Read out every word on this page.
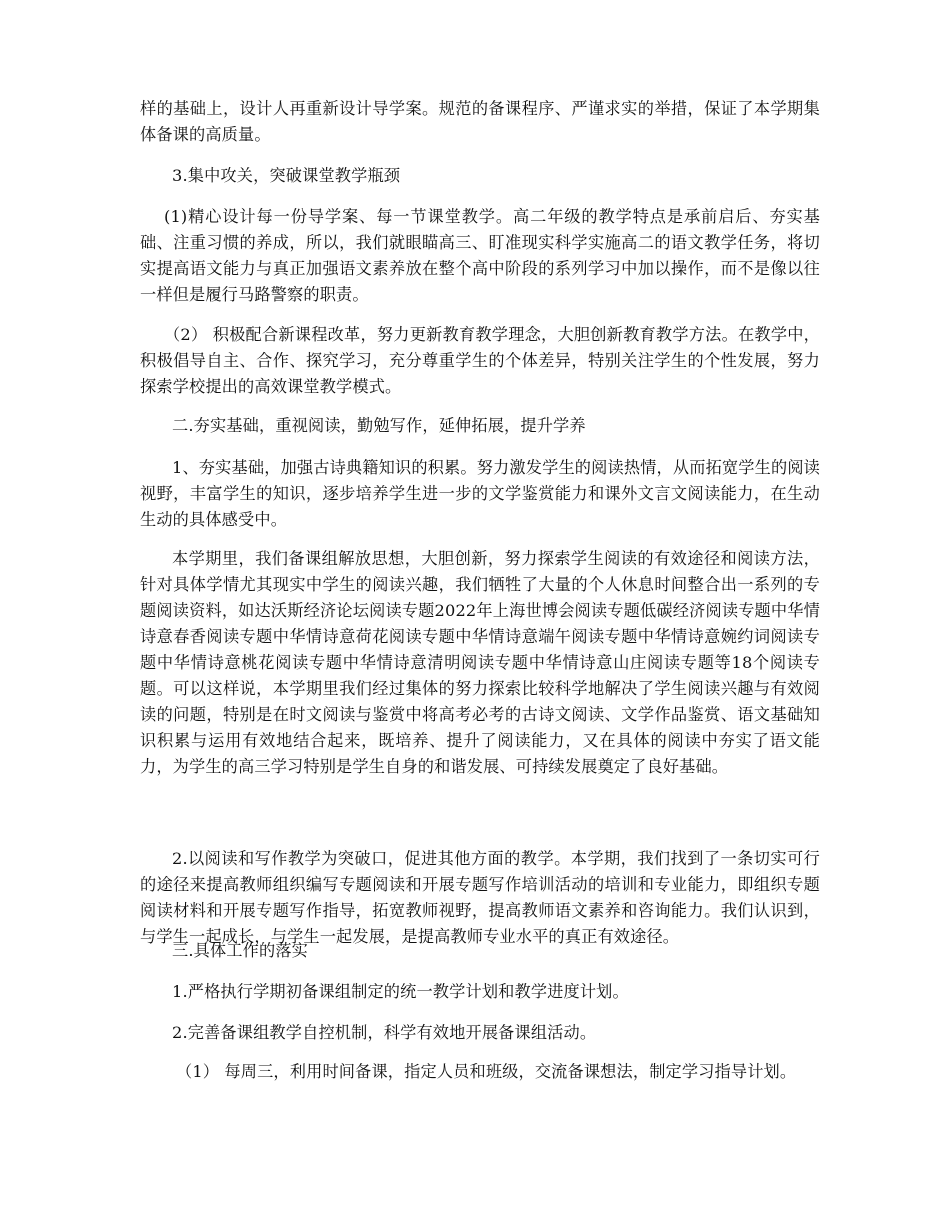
样的基础上，设计人再重新设计导学案。规范的备课程序、严谨求实的举措，保证了本学期集体备课的高质量。

3.集中攻关，突破课堂教学瓶颈

(1)精心设计每一份导学案、每一节课堂教学。高二年级的教学特点是承前启后、夯实基础、注重习惯的养成，所以，我们就眼瞄高三、盯准现实科学实施高二的语文教学任务，将切实提高语文能力与真正加强语文素养放在整个高中阶段的系列学习中加以操作，而不是像以往一样但是履行马路警察的职责。

（2） 积极配合新课程改革，努力更新教育教学理念，大胆创新教育教学方法。在教学中，积极倡导自主、合作、探究学习，充分尊重学生的个体差异，特别关注学生的个性发展，努力探索学校提出的高效课堂教学模式。

二.夯实基础，重视阅读，勤勉写作，延伸拓展，提升学养

1、夯实基础，加强古诗典籍知识的积累。努力激发学生的阅读热情，从而拓宽学生的阅读视野，丰富学生的知识，逐步培养学生进一步的文学鉴赏能力和课外文言文阅读能力，在生动生动的具体感受中。

本学期里，我们备课组解放思想，大胆创新，努力探索学生阅读的有效途径和阅读方法，针对具体学情尤其现实中学生的阅读兴趣，我们牺牲了大量的个人休息时间整合出一系列的专题阅读资料，如达沃斯经济论坛阅读专题2022年上海世博会阅读专题低碳经济阅读专题中华情诗意春香阅读专题中华情诗意荷花阅读专题中华情诗意端午阅读专题中华情诗意婉约词阅读专题中华情诗意桃花阅读专题中华情诗意清明阅读专题中华情诗意山庄阅读专题等18个阅读专题。可以这样说，本学期里我们经过集体的努力探索比较科学地解决了学生阅读兴趣与有效阅读的问题，特别是在时文阅读与鉴赏中将高考必考的古诗文阅读、文学作品鉴赏、语文基础知识积累与运用有效地结合起来，既培养、提升了阅读能力，又在具体的阅读中夯实了语文能力，为学生的高三学习特别是学生自身的和谐发展、可持续发展奠定了良好基础。

2.以阅读和写作教学为突破口，促进其他方面的教学。本学期，我们找到了一条切实可行的途径来提高教师组织编写专题阅读和开展专题写作培训活动的培训和专业能力，即组织专题阅读材料和开展专题写作指导，拓宽教师视野，提高教师语文素养和咨询能力。我们认识到，与学生一起成长，与学生一起发展，是提高教师专业水平的真正有效途径。

三.具体工作的落实

1.严格执行学期初备课组制定的统一教学计划和教学进度计划。

2.完善备课组教学自控机制，科学有效地开展备课组活动。

（1） 每周三，利用时间备课，指定人员和班级，交流备课想法，制定学习指导计划。
